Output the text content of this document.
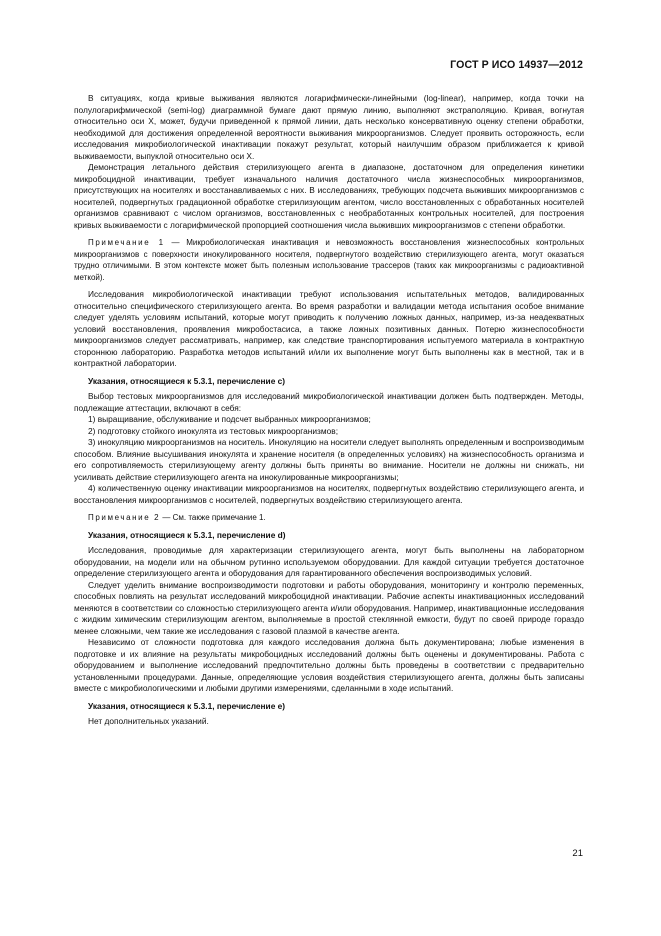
ГОСТ Р ИСО 14937—2012

В ситуациях, когда кривые выживания являются логарифмически-линейными (log-linear), например, когда точки на полулогарифмической (semi-log) диаграммной бумаге дают прямую линию, выполняют экстраполяцию. Кривая, вогнутая относительно оси X, может, будучи приведенной к прямой линии, дать несколько консервативную оценку степени обработки, необходимой для достижения определенной вероятности выживания микроорганизмов. Следует проявить осторожность, если исследования микробиологической инактивации покажут результат, который наилучшим образом приближается к кривой выживаемости, выпуклой относительно оси X.

Демонстрация летального действия стерилизующего агента в диапазоне, достаточном для определения кинетики микробоцидной инактивации, требует изначального наличия достаточного числа жизнеспособных микроорганизмов, присутствующих на носителях и восстанавливаемых с них. В исследованиях, требующих подсчета выживших микроорганизмов с носителей, подвергнутых градационной обработке стерилизующим агентом, число восстановленных с обработанных носителей организмов сравнивают с числом организмов, восстановленных с необработанных контрольных носителей, для построения кривых выживаемости с логарифмической пропорцией соотношения числа выживших микроорганизмов с степени обработки.

Примечание 1 — Микробиологическая инактивация и невозможность восстановления жизнеспособных контрольных микроорганизмов с поверхности инокулированного носителя, подвергнутого воздействию стерилизующего агента, могут оказаться трудно отличимыми. В этом контексте может быть полезным использование трассеров (таких как микроорганизмы с радиоактивной меткой).

Исследования микробиологической инактивации требуют использования испытательных методов, валидированных относительно специфического стерилизующего агента. Во время разработки и валидации метода испытания особое внимание следует уделять условиям испытаний, которые могут приводить к получению ложных данных, например, из-за неадекватных условий восстановления, проявления микробостасиса, а также ложных позитивных данных. Потерю жизнеспособности микроорганизмов следует рассматривать, например, как следствие транспортирования испытуемого материала в контрактную стороннюю лабораторию. Разработка методов испытаний и/или их выполнение могут быть выполнены как в местной, так и в контрактной лаборатории.

Указания, относящиеся к 5.3.1, перечисление с)

Выбор тестовых микроорганизмов для исследований микробиологической инактивации должен быть подтвержден. Методы, подлежащие аттестации, включают в себя:

1) выращивание, обслуживание и подсчет выбранных микроорганизмов;

2) подготовку стойкого инокулята из тестовых микроорганизмов;

3) инокуляцию микроорганизмов на носитель. Инокуляцию на носители следует выполнять определенным и воспроизводимым способом. Влияние высушивания инокулята и хранение носителя (в определенных условиях) на жизнеспособность организма и его сопротивляемость стерилизующему агенту должны быть приняты во внимание. Носители не должны ни снижать, ни усиливать действие стерилизующего агента на инокулированные микроорганизмы;

4) количественную оценку инактивации микроорганизмов на носителях, подвергнутых воздействию стерилизующего агента, и восстановления микроорганизмов с носителей, подвергнутых воздействию стерилизующего агента.

Примечание 2 — См. также примечание 1.

Указания, относящиеся к 5.3.1, перечисление d)

Исследования, проводимые для характеризации стерилизующего агента, могут быть выполнены на лабораторном оборудовании, на модели или на обычном рутинно используемом оборудовании. Для каждой ситуации требуется достаточное определение стерилизующего агента и оборудования для гарантированного обеспечения воспроизводимых условий.

Следует уделить внимание воспроизводимости подготовки и работы оборудования, мониторингу и контролю переменных, способных повлиять на результат исследований микробоцидной инактивации. Рабочие аспекты инактивационных исследований меняются в соответствии со сложностью стерилизующего агента и/или оборудования. Например, инактивационные исследования с жидким химическим стерилизующим агентом, выполняемые в простой стеклянной емкости, будут по своей природе гораздо менее сложными, чем такие же исследования с газовой плазмой в качестве агента.

Независимо от сложности подготовка для каждого исследования должна быть документирована; любые изменения в подготовке и их влияние на результаты микробоцидных исследований должны быть оценены и документированы. Работа с оборудованием и выполнение исследований предпочтительно должны быть проведены в соответствии с предварительно установленными процедурами. Данные, определяющие условия воздействия стерилизующего агента, должны быть записаны вместе с микробиологическими и любыми другими измерениями, сделанными в ходе испытаний.

Указания, относящиеся к 5.3.1, перечисление е)

Нет дополнительных указаний.

21
